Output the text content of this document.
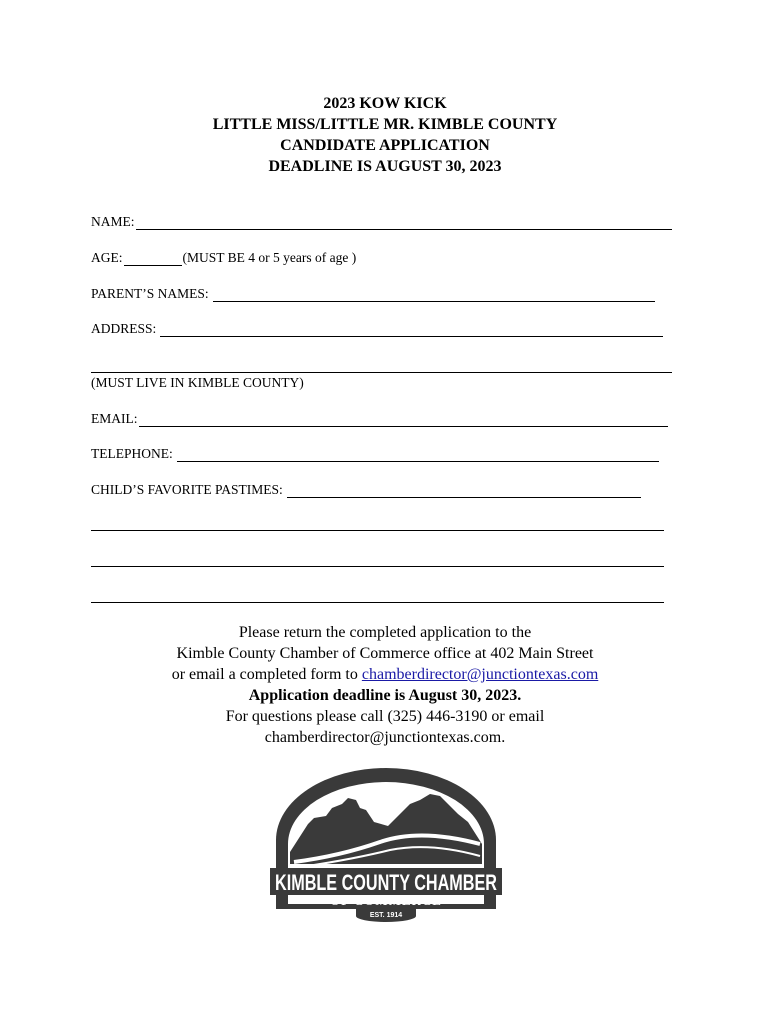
2023 KOW KICK
LITTLE MISS/LITTLE MR. KIMBLE COUNTY
CANDIDATE APPLICATION
DEADLINE IS AUGUST 30, 2023
NAME:
AGE:	(MUST BE 4 or 5 years of age )
PARENT’S NAMES:
ADDRESS:
(MUST LIVE IN KIMBLE COUNTY)
EMAIL:
TELEPHONE:
CHILD’S FAVORITE PASTIMES:
Please return the completed application to the
Kimble County Chamber of Commerce office at 402 Main Street
or email a completed form to chamberdirector@junctiontexas.com
Application deadline is August 30, 2023.
For questions please call (325) 446-3190 or email
chamberdirector@junctiontexas.com.
KIMBLE COUNTY CHAMBER
OF COMMERCE
EST. 1914
